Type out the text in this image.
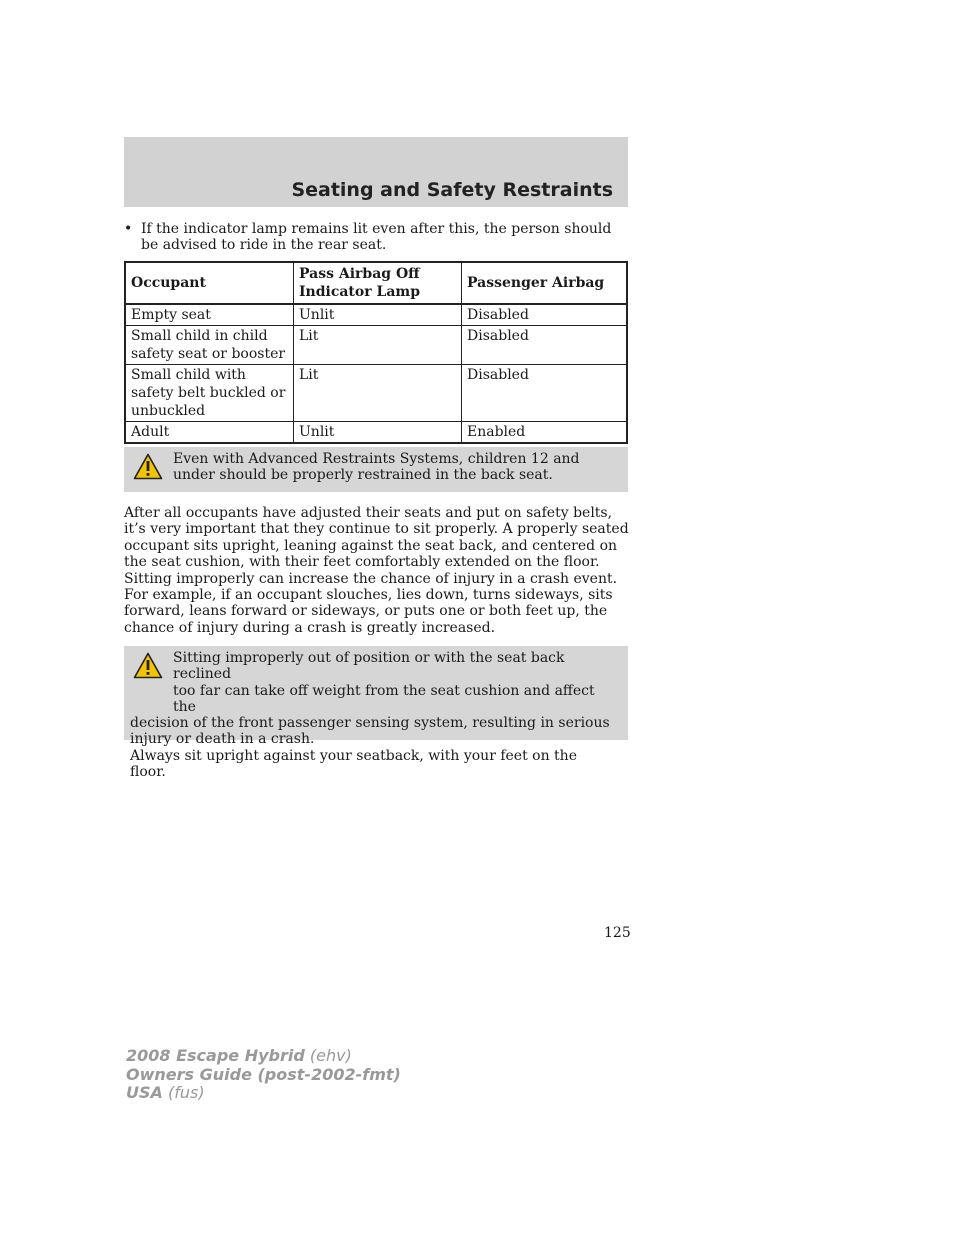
Seating and Safety Restraints
• If the indicator lamp remains lit even after this, the person should be advised to ride in the rear seat.
Occupant	Pass Airbag Off Indicator Lamp	Passenger Airbag
Empty seat	Unlit	Disabled
Small child in child safety seat or booster	Lit	Disabled
Small child with safety belt buckled or unbuckled	Lit	Disabled
Adult	Unlit	Enabled
Even with Advanced Restraints Systems, children 12 and under should be properly restrained in the back seat.
After all occupants have adjusted their seats and put on safety belts, it’s very important that they continue to sit properly. A properly seated occupant sits upright, leaning against the seat back, and centered on the seat cushion, with their feet comfortably extended on the floor. Sitting improperly can increase the chance of injury in a crash event. For example, if an occupant slouches, lies down, turns sideways, sits forward, leans forward or sideways, or puts one or both feet up, the chance of injury during a crash is greatly increased.
Sitting improperly out of position or with the seat back reclined
too far can take off weight from the seat cushion and affect the
decision of the front passenger sensing system, resulting in serious injury or death in a crash.
Always sit upright against your seatback, with your feet on the floor.
125
2008 Escape Hybrid (ehv)
Owners Guide (post-2002-fmt)
USA (fus)
